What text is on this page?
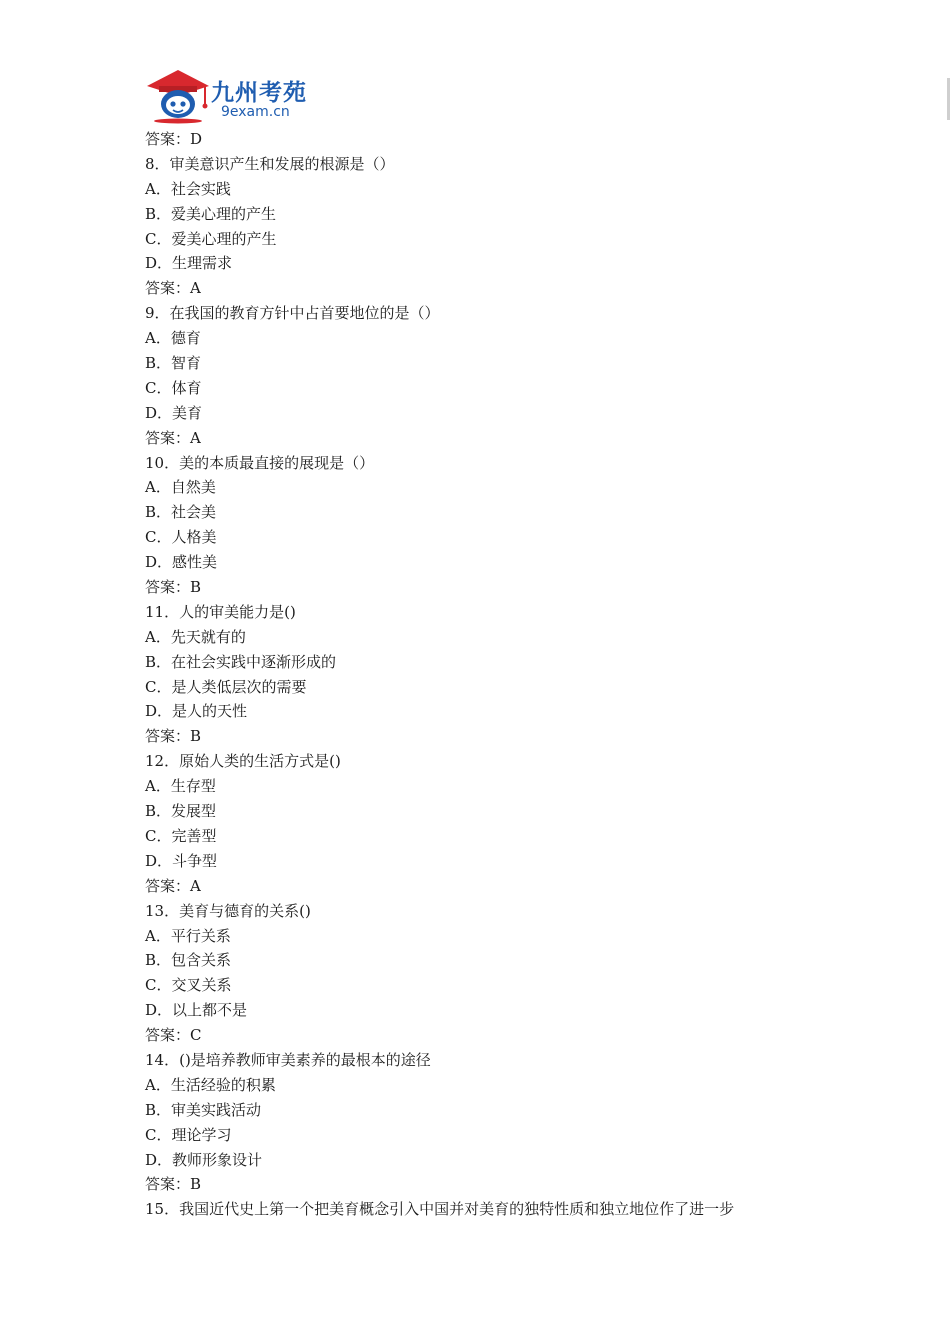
九州考苑
9exam.cn
答案：D
8．审美意识产生和发展的根源是（）
A．社会实践
B．爱美心理的产生
C．爱美心理的产生
D．生理需求
答案：A
9．在我国的教育方针中占首要地位的是（）
A．德育
B．智育
C．体育
D．美育
答案：A
10．美的本质最直接的展现是（）
A．自然美
B．社会美
C．人格美
D．感性美
答案：B
11．人的审美能力是()
A．先天就有的
B．在社会实践中逐渐形成的
C．是人类低层次的需要
D．是人的天性
答案：B
12．原始人类的生活方式是()
A．生存型
B．发展型
C．完善型
D．斗争型
答案：A
13．美育与德育的关系()
A．平行关系
B．包含关系
C．交叉关系
D．以上都不是
答案：C
14．()是培养教师审美素养的最根本的途径
A．生活经验的积累
B．审美实践活动
C．理论学习
D．教师形象设计
答案：B
15．我国近代史上第一个把美育概念引入中国并对美育的独特性质和独立地位作了进一步
